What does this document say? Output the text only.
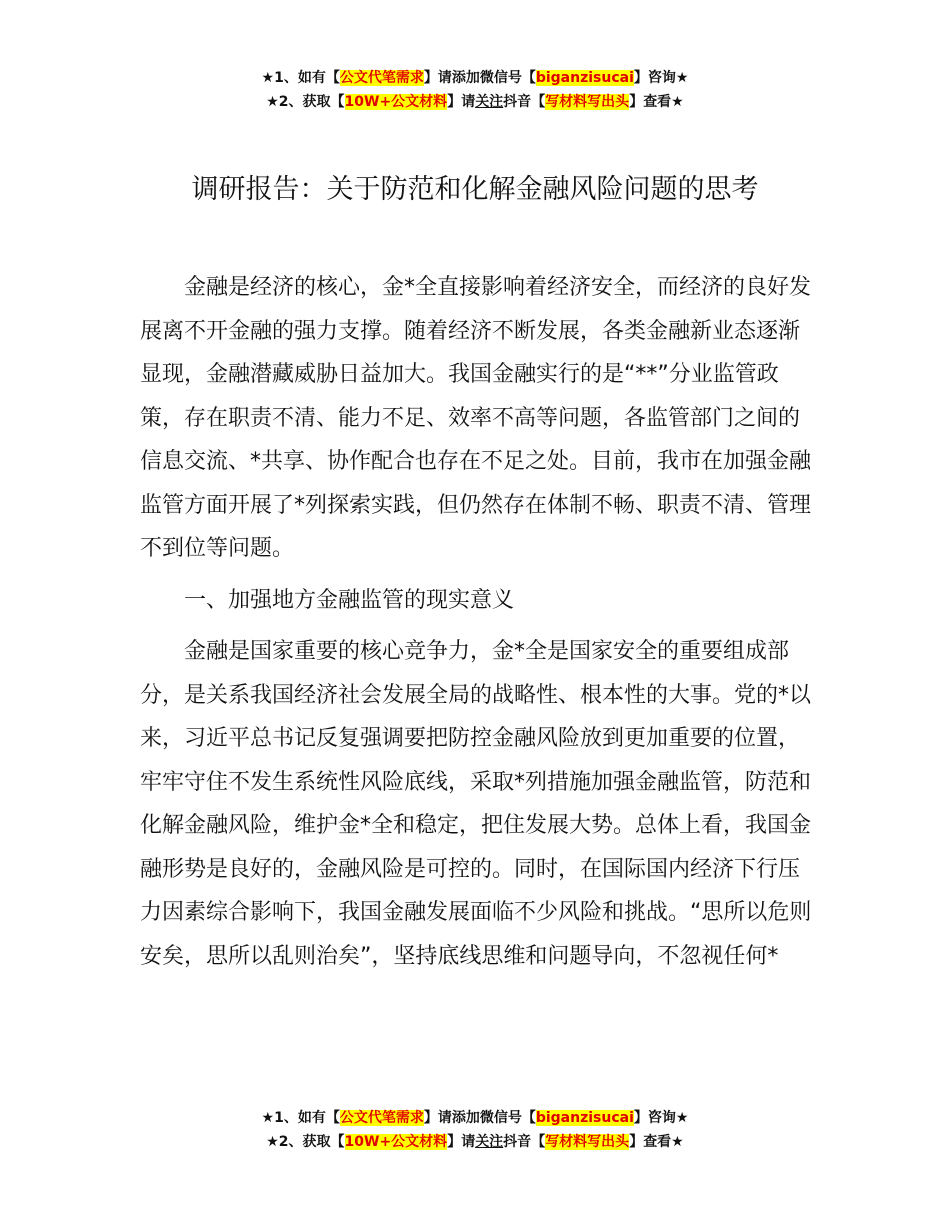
★1、如有【公文代笔需求】请添加微信号【biganzisucai】咨询★
★2、获取【10W+公文材料】请关注抖音【写材料写出头】查看★
调研报告：关于防范和化解金融风险问题的思考

金融是经济的核心，金*全直接影响着经济安全，而经济的良好发展离不开金融的强力支撑。随着经济不断发展，各类金融新业态逐渐显现，金融潜藏威胁日益加大。我国金融实行的是“**”分业监管政策，存在职责不清、能力不足、效率不高等问题，各监管部门之间的信息交流、*共享、协作配合也存在不足之处。目前，我市在加强金融监管方面开展了*列探索实践，但仍然存在体制不畅、职责不清、管理不到位等问题。

一、加强地方金融监管的现实意义

金融是国家重要的核心竞争力，金*全是国家安全的重要组成部分，是关系我国经济社会发展全局的战略性、根本性的大事。党的*以来，习近平总书记反复强调要把防控金融风险放到更加重要的位置，牢牢守住不发生系统性风险底线，采取*列措施加强金融监管，防范和化解金融风险，维护金*全和稳定，把住发展大势。总体上看，我国金融形势是良好的，金融风险是可控的。同时，在国际国内经济下行压力因素综合影响下，我国金融发展面临不少风险和挑战。“思所以危则安矣，思所以乱则治矣”，坚持底线思维和问题导向，不忽视任何*

★1、如有【公文代笔需求】请添加微信号【biganzisucai】咨询★
★2、获取【10W+公文材料】请关注抖音【写材料写出头】查看★
